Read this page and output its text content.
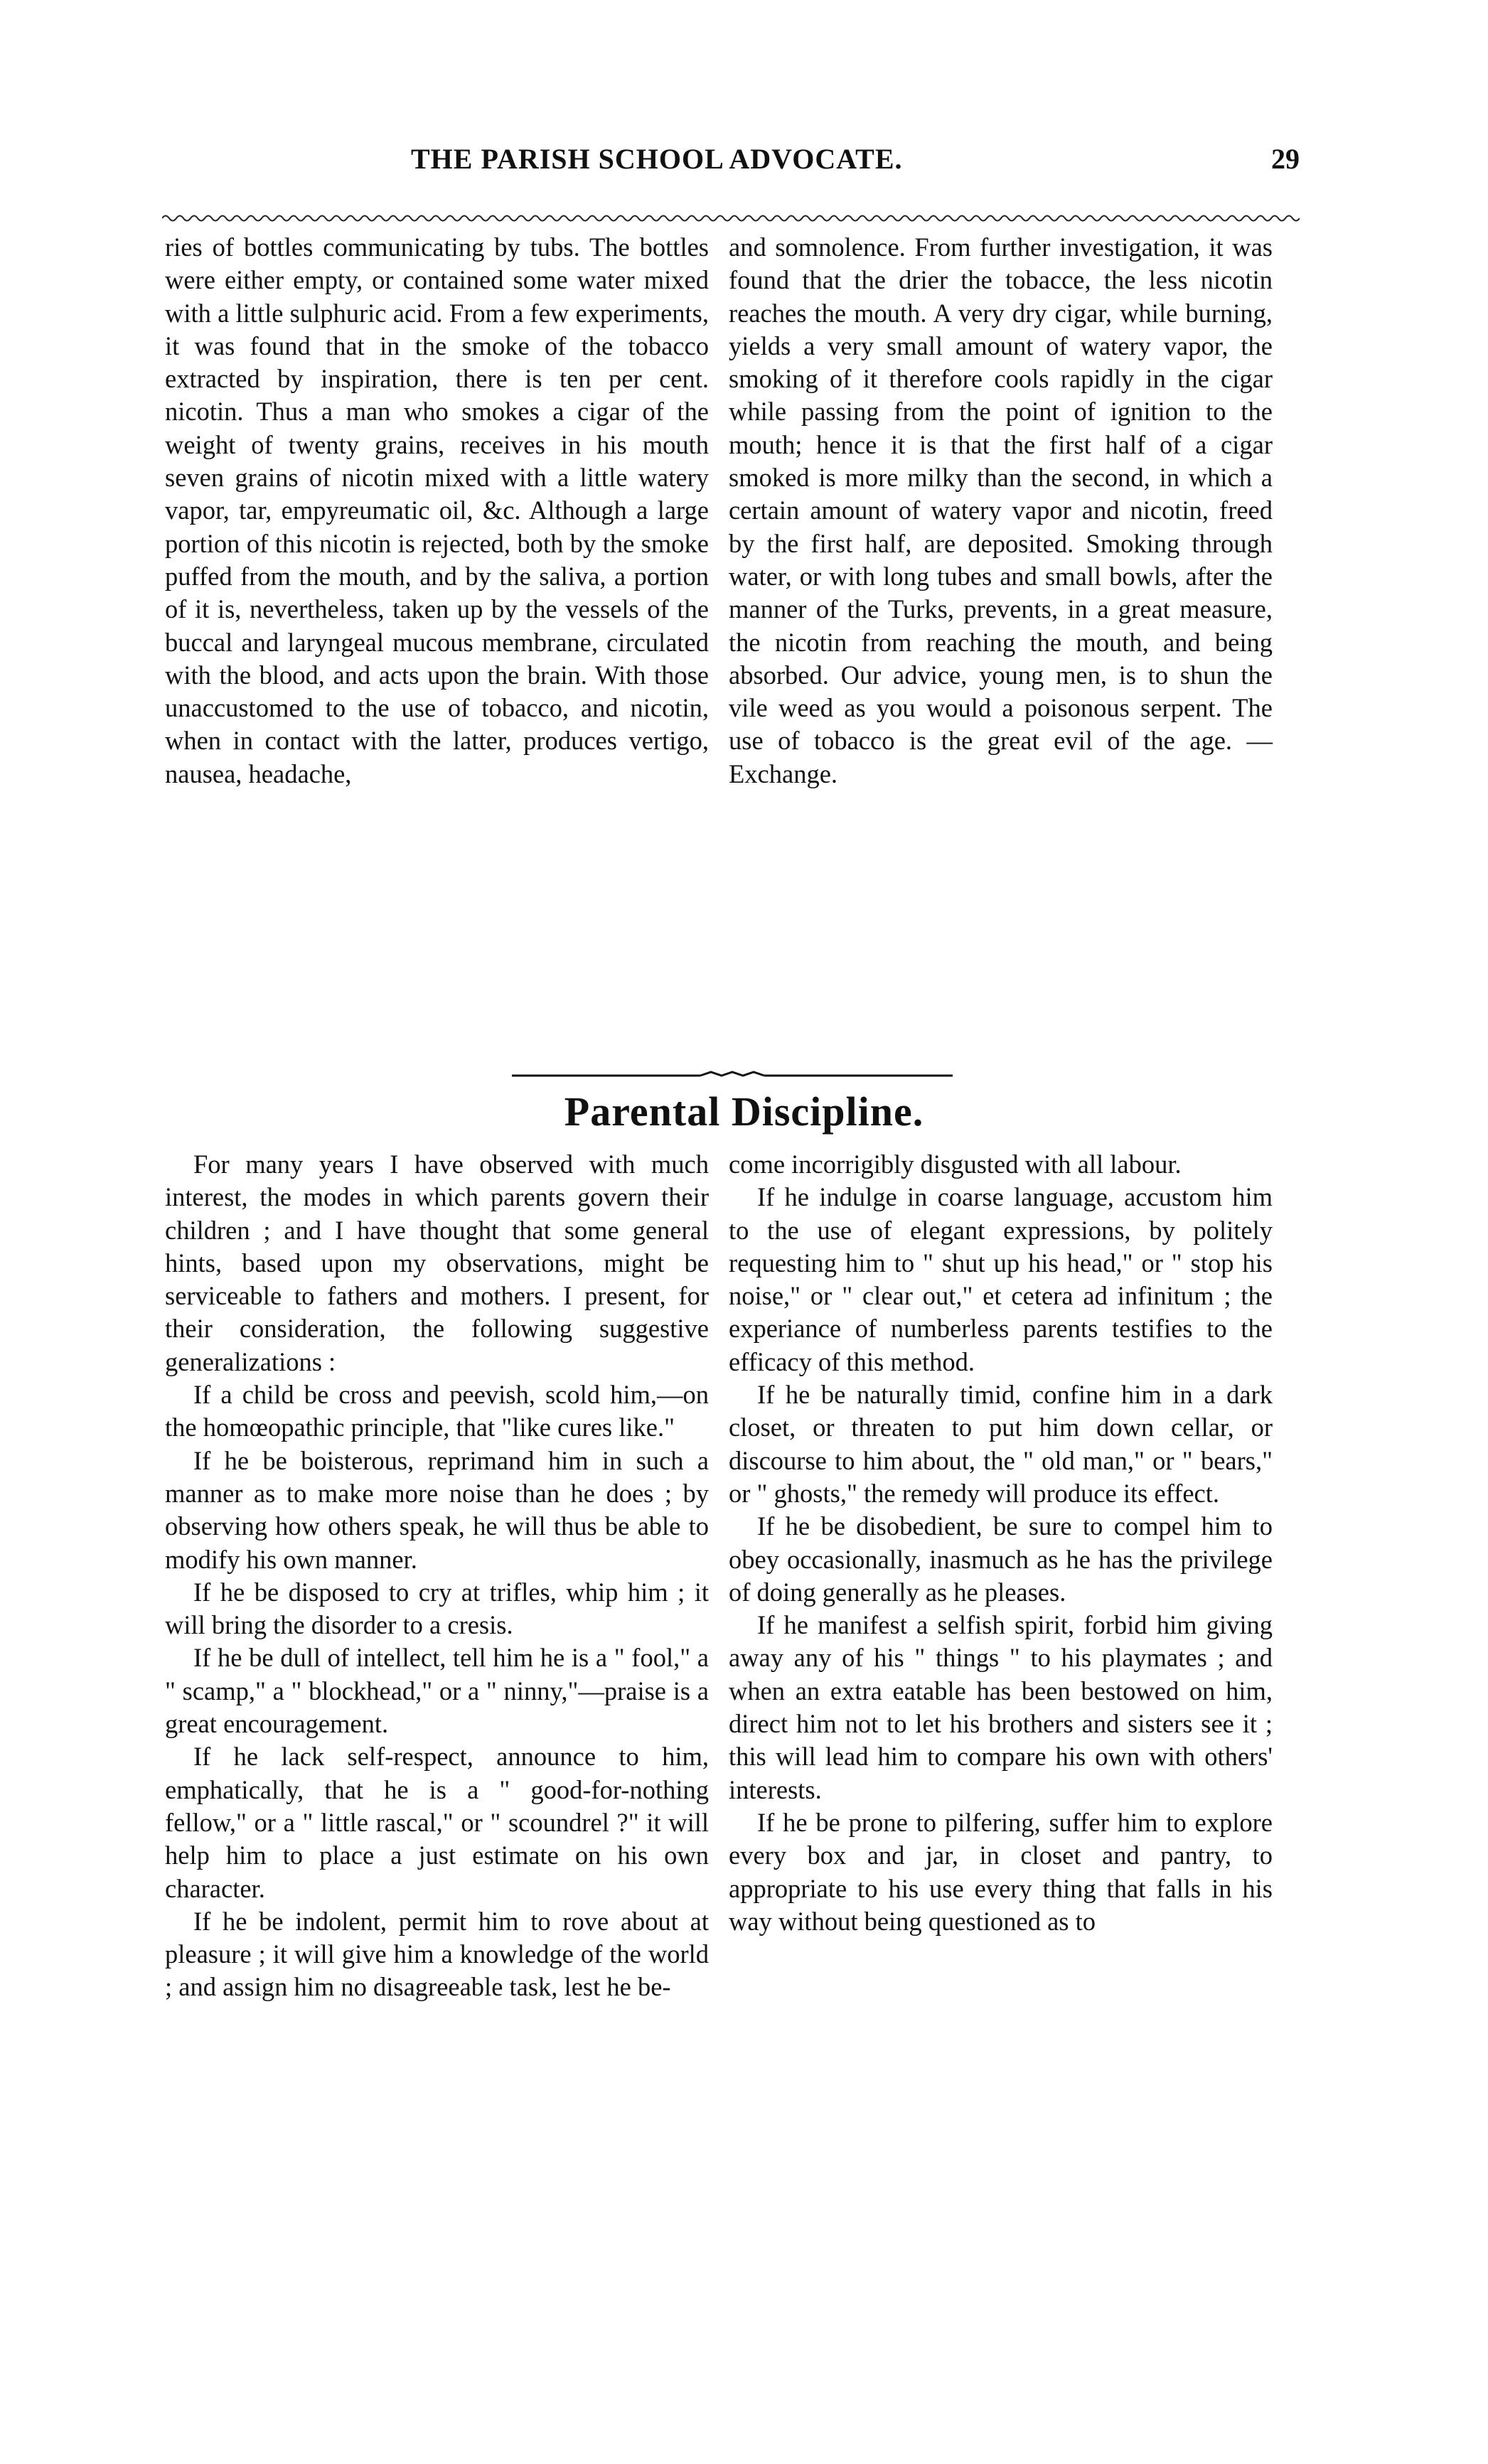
THE PARISH SCHOOL ADVOCATE.	29

ries of bottles communicating by tubs. The bottles were either empty, or contained some water mixed with a little sulphuric acid. From a few experiments, it was found that in the smoke of the tobacco extracted by inspiration, there is ten per cent. nicotin. Thus a man who smokes a cigar of the weight of twenty grains, receives in his mouth seven grains of nicotin mixed with a little watery vapor, tar, empyreumatic oil, &c. Although a large portion of this nicotin is rejected, both by the smoke puffed from the mouth, and by the saliva, a portion of it is, nevertheless, taken up by the vessels of the buccal and laryngeal mucous membrane, circulated with the blood, and acts upon the brain. With those unaccustomed to the use of tobacco, and nicotin, when in contact with the latter, produces vertigo, nausea, headache,

and somnolence. From further investigation, it was found that the drier the tobacce, the less nicotin reaches the mouth. A very dry cigar, while burning, yields a very small amount of watery vapor, the smoking of it therefore cools rapidly in the cigar while passing from the point of ignition to the mouth; hence it is that the first half of a cigar smoked is more milky than the second, in which a certain amount of watery vapor and nicotin, freed by the first half, are deposited. Smoking through water, or with long tubes and small bowls, after the manner of the Turks, prevents, in a great measure, the nicotin from reaching the mouth, and being absorbed. Our advice, young men, is to shun the vile weed as you would a poisonous serpent. The use of tobacco is the great evil of the age. —Exchange.

Parental Discipline.

For many years I have observed with much interest, the modes in which parents govern their children ; and I have thought that some general hints, based upon my observations, might be serviceable to fathers and mothers. I present, for their consideration, the following suggestive generalizations :

If a child be cross and peevish, scold him,—on the homœopathic principle, that "like cures like."

If he be boisterous, reprimand him in such a manner as to make more noise than he does ; by observing how others speak, he will thus be able to modify his own manner.

If he be disposed to cry at trifles, whip him ; it will bring the disorder to a cresis.

If he be dull of intellect, tell him he is a " fool," a " scamp," a " blockhead," or a " ninny,"—praise is a great encouragement.

If he lack self-respect, announce to him, emphatically, that he is a " good-for-nothing fellow," or a " little rascal," or " scoundrel ?" it will help him to place a just estimate on his own character.

If he be indolent, permit him to rove about at pleasure ; it will give him a knowledge of the world ; and assign him no disagreeable task, lest he be-

come incorrigibly disgusted with all labour.

If he indulge in coarse language, accustom him to the use of elegant expressions, by politely requesting him to " shut up his head," or " stop his noise," or " clear out," et cetera ad infinitum ; the experiance of numberless parents testifies to the efficacy of this method.

If he be naturally timid, confine him in a dark closet, or threaten to put him down cellar, or discourse to him about, the " old man," or " bears," or " ghosts," the remedy will produce its effect.

If he be disobedient, be sure to compel him to obey occasionally, inasmuch as he has the privilege of doing generally as he pleases.

If he manifest a selfish spirit, forbid him giving away any of his " things " to his playmates ; and when an extra eatable has been bestowed on him, direct him not to let his brothers and sisters see it ; this will lead him to compare his own with others' interests.

If he be prone to pilfering, suffer him to explore every box and jar, in closet and pantry, to appropriate to his use every thing that falls in his way without being questioned as to
